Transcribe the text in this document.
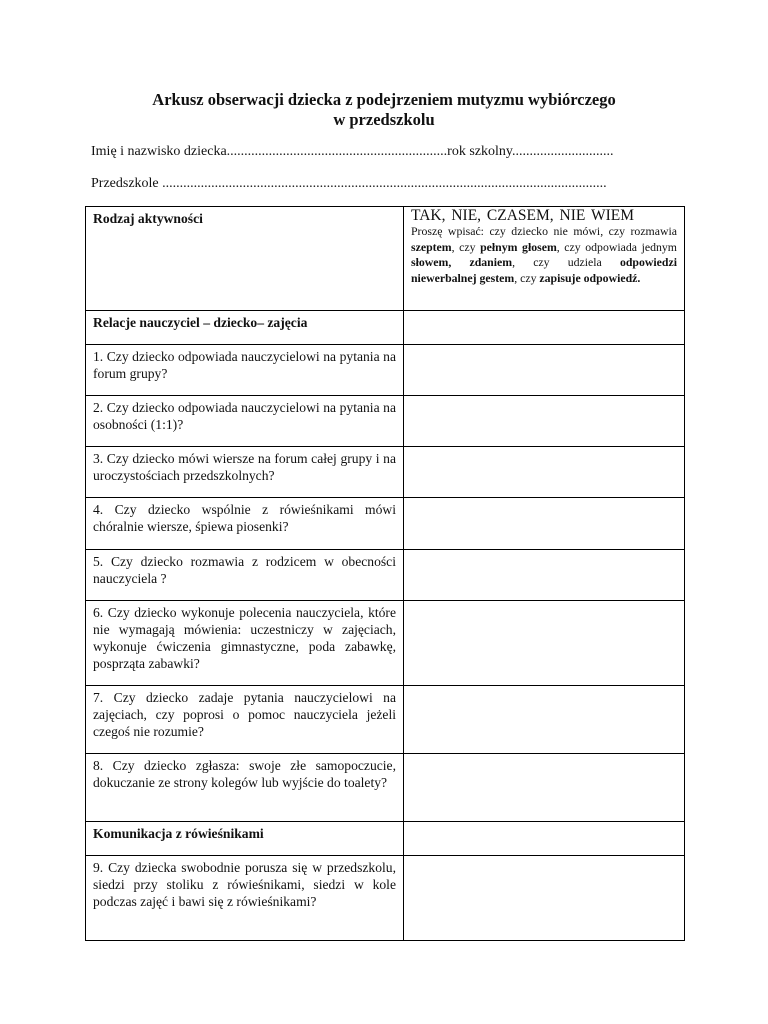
Arkusz obserwacji dziecka z podejrzeniem mutyzmu wybiórczego
w przedszkolu
Imię i nazwisko dziecka...............................................................rok szkolny.............................
Przedszkole ...............................................................................................................................
Rodzaj aktywności	TAK, NIE, CZASEM, NIE WIEM
Proszę wpisać: czy dziecko nie mówi, czy rozmawia szeptem, czy pełnym głosem, czy odpowiada jednym słowem, zdaniem, czy udziela odpowiedzi niewerbalnej gestem, czy zapisuje odpowiedź.

Relacje nauczyciel – dziecko– zajęcia	
1. Czy dziecko odpowiada nauczycielowi na pytania na forum grupy?	
2. Czy dziecko odpowiada nauczycielowi na pytania na osobności (1:1)?	
3. Czy dziecko mówi wiersze na forum całej grupy i na uroczystościach przedszkolnych?	
4. Czy dziecko wspólnie z rówieśnikami mówi chóralnie wiersze, śpiewa piosenki?	
5. Czy dziecko rozmawia z rodzicem w obecności nauczyciela ?	
6. Czy dziecko wykonuje polecenia nauczyciela, które nie wymagają mówienia: uczestniczy w zajęciach, wykonuje ćwiczenia gimnastyczne, poda zabawkę, posprząta zabawki?	
7. Czy dziecko zadaje pytania nauczycielowi na zajęciach, czy poprosi o pomoc nauczyciela jeżeli czegoś nie rozumie?	
8. Czy dziecko zgłasza: swoje złe samopoczucie, dokuczanie ze strony kolegów lub wyjście do toalety?	
Komunikacja z rówieśnikami	
9. Czy dziecka swobodnie porusza się w przedszkolu, siedzi przy stoliku z rówieśnikami, siedzi w kole podczas zajęć i bawi się z rówieśnikami?	
